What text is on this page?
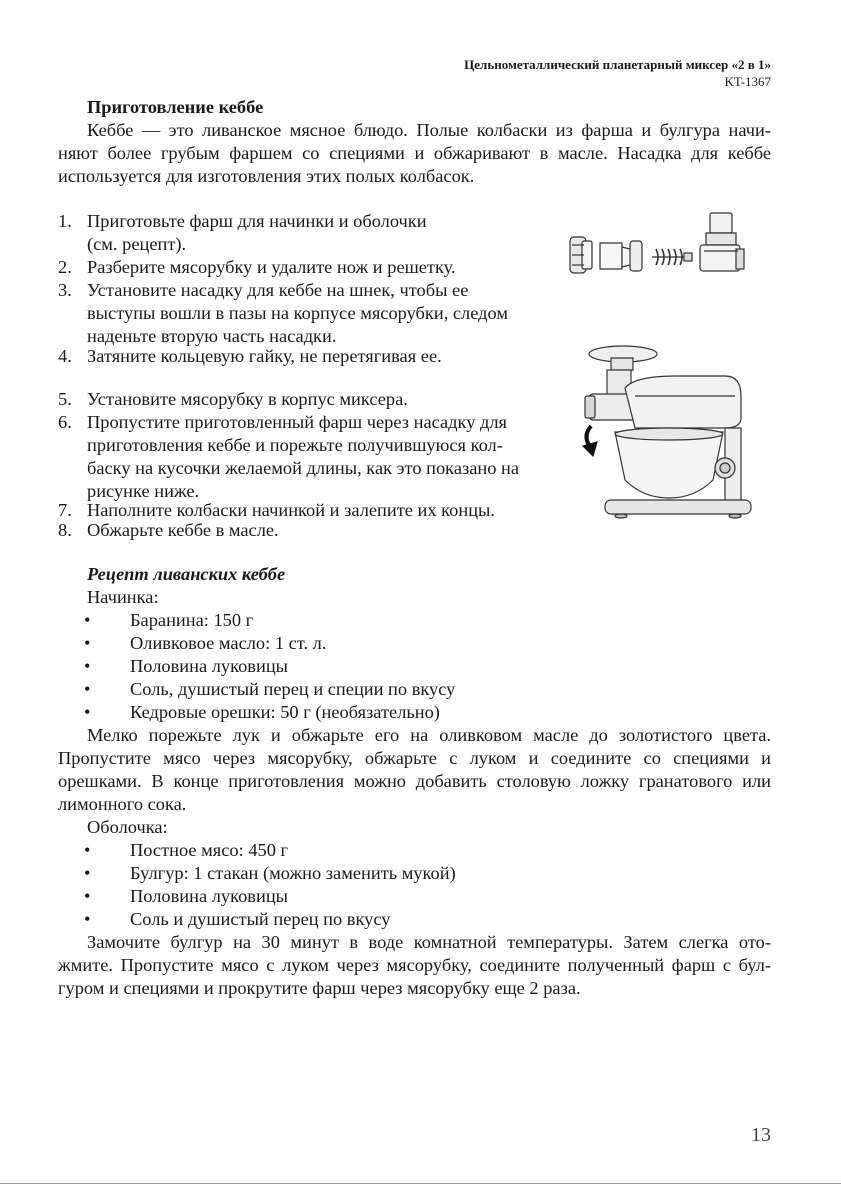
Цельнометаллический планетарный миксер «2 в 1»
KT-1367
Приготовление кеббе
Кеббе — это ливанское мясное блюдо. Полые колбаски из фарша и булгура начи-
няют более грубым фаршем со специями и обжаривают в масле. Насадка для кеббе
используется для изготовления этих полых колбасок.
1. Приготовьте фарш для начинки и оболочки
(см. рецепт).
2. Разберите мясорубку и удалите нож и решетку.
3. Установите насадку для кеббе на шнек, чтобы ее
выступы вошли в пазы на корпусе мясорубки, следом
наденьте вторую часть насадки.
4. Затяните кольцевую гайку, не перетягивая ее.
5. Установите мясорубку в корпус миксера.
6. Пропустите приготовленный фарш через насадку для
приготовления кеббе и порежьте получившуюся кол-
баску на кусочки желаемой длины, как это показано на
рисунке ниже.
7. Наполните колбаски начинкой и залепите их концы.
8. Обжарьте кеббе в масле.
Рецепт ливанских кеббе
Начинка:
• Баранина: 150 г
• Оливковое масло: 1 ст. л.
• Половина луковицы
• Соль, душистый перец и специи по вкусу
• Кедровые орешки: 50 г (необязательно)
Мелко порежьте лук и обжарьте его на оливковом масле до золотистого цвета.
Пропустите мясо через мясорубку, обжарьте с луком и соедините со специями и
орешками. В конце приготовления можно добавить столовую ложку гранатового или
лимонного сока.
Оболочка:
• Постное мясо: 450 г
• Булгур: 1 стакан (можно заменить мукой)
• Половина луковицы
• Соль и душистый перец по вкусу
Замочите булгур на 30 минут в воде комнатной температуры. Затем слегка ото-
жмите. Пропустите мясо с луком через мясорубку, соедините полученный фарш с бул-
гуром и специями и прокрутите фарш через мясорубку еще 2 раза.
13
